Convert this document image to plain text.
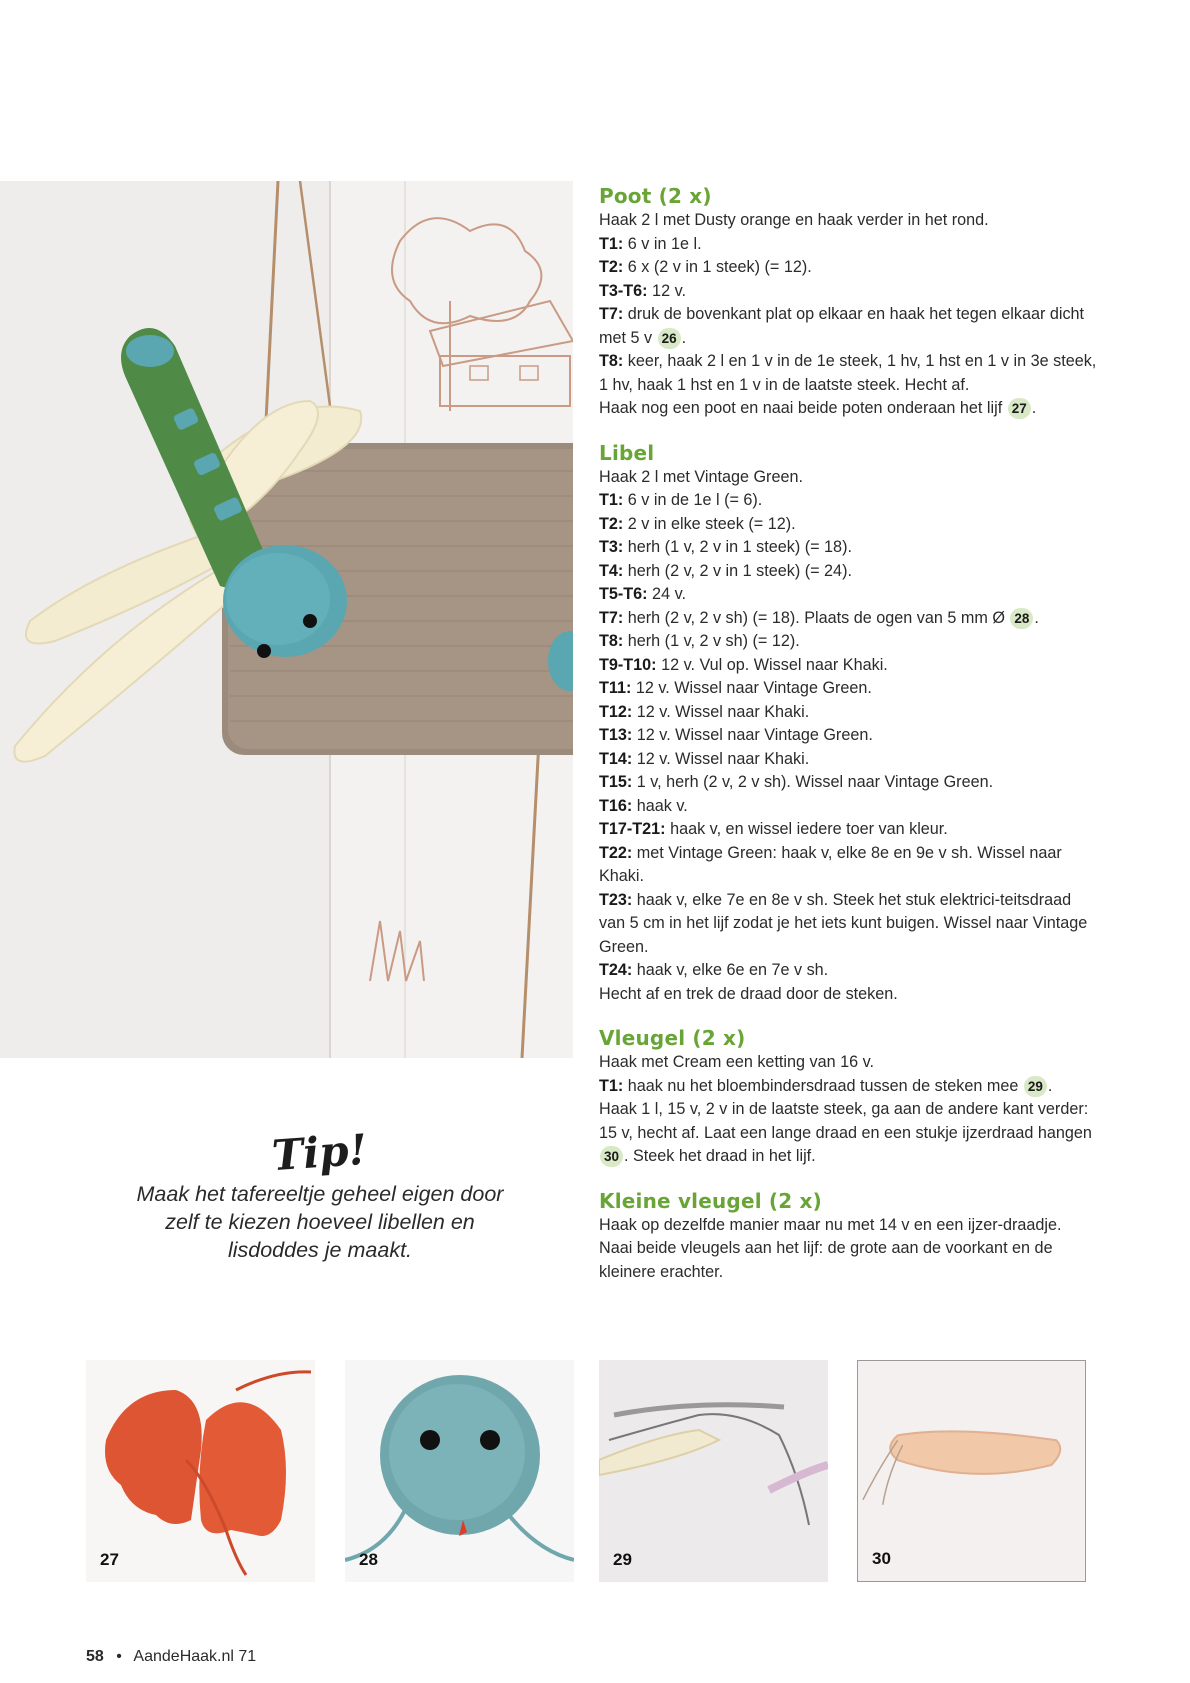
Poot (2 x)
Haak 2 l met Dusty orange en haak verder in het rond.
T1: 6 v in 1e l.
T2: 6 x (2 v in 1 steek) (= 12).
T3-T6: 12 v.
T7: druk de bovenkant plat op elkaar en haak het tegen elkaar dicht met 5 v 26 .
T8: keer, haak 2 l en 1 v in de 1e steek, 1 hv, 1 hst en 1 v in 3e steek, 1 hv, haak 1 hst en 1 v in de laatste steek. Hecht af.
Haak nog een poot en naai beide poten onderaan het lijf 27 .
Libel
Haak 2 l met Vintage Green.
T1: 6 v in de 1e l (= 6).
T2: 2 v in elke steek (= 12).
T3: herh (1 v, 2 v in 1 steek) (= 18).
T4: herh (2 v, 2 v in 1 steek) (= 24).
T5-T6: 24 v.
T7: herh (2 v, 2 v sh) (= 18). Plaats de ogen van 5 mm Ø 28 .
T8: herh (1 v, 2 v sh) (= 12).
T9-T10: 12 v. Vul op. Wissel naar Khaki.
T11: 12 v. Wissel naar Vintage Green.
T12: 12 v. Wissel naar Khaki.
T13: 12 v. Wissel naar Vintage Green.
T14: 12 v. Wissel naar Khaki.
T15: 1 v, herh (2 v, 2 v sh). Wissel naar Vintage Green.
T16: haak v.
T17-T21: haak v, en wissel iedere toer van kleur.
T22: met Vintage Green: haak v, elke 8e en 9e v sh. Wissel naar Khaki.
T23: haak v, elke 7e en 8e v sh. Steek het stuk elektrici-teitsdraad van 5 cm in het lijf zodat je het iets kunt buigen. Wissel naar Vintage Green.
T24: haak v, elke 6e en 7e v sh.
Hecht af en trek de draad door de steken.
Vleugel (2 x)
Haak met Cream een ketting van 16 v.
T1: haak nu het bloembindersdraad tussen de steken mee 29 .
Haak 1 l, 15 v, 2 v in de laatste steek, ga aan de andere kant verder: 15 v, hecht af. Laat een lange draad en een stukje ijzerdraad hangen 30 . Steek het draad in het lijf.
Kleine vleugel (2 x)
Haak op dezelfde manier maar nu met 14 v en een ijzer-draadje.
Naai beide vleugels aan het lijf: de grote aan de voorkant en de kleinere erachter.
Tip!
Maak het tafereeltje geheel eigen door zelf te kiezen hoeveel libellen en lisdoddes je maakt.
27	28	29	30
58 • AandeHaak.nl 71
